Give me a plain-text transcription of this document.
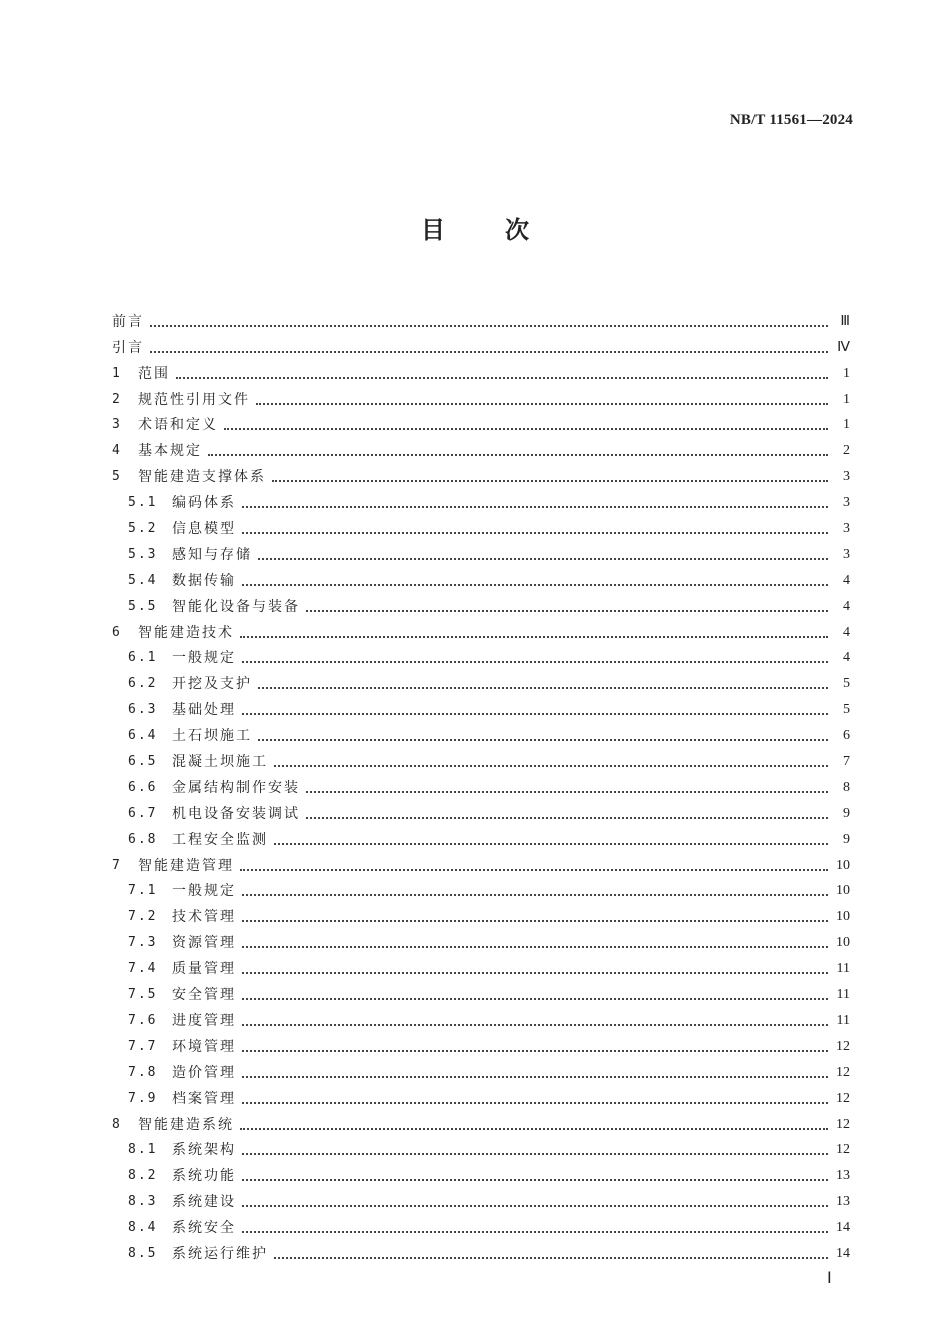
NB/T 11561—2024
目	次
前言	Ⅲ
引言	Ⅳ
1	范围	1
2	规范性引用文件	1
3	术语和定义	1
4	基本规定	2
5	智能建造支撑体系	3
5.1	编码体系	3
5.2	信息模型	3
5.3	感知与存储	3
5.4	数据传输	4
5.5	智能化设备与装备	4
6	智能建造技术	4
6.1	一般规定	4
6.2	开挖及支护	5
6.3	基础处理	5
6.4	土石坝施工	6
6.5	混凝土坝施工	7
6.6	金属结构制作安装	8
6.7	机电设备安装调试	9
6.8	工程安全监测	9
7	智能建造管理	10
7.1	一般规定	10
7.2	技术管理	10
7.3	资源管理	10
7.4	质量管理	11
7.5	安全管理	11
7.6	进度管理	11
7.7	环境管理	12
7.8	造价管理	12
7.9	档案管理	12
8	智能建造系统	12
8.1	系统架构	12
8.2	系统功能	13
8.3	系统建设	13
8.4	系统安全	14
8.5	系统运行维护	14
Ⅰ
